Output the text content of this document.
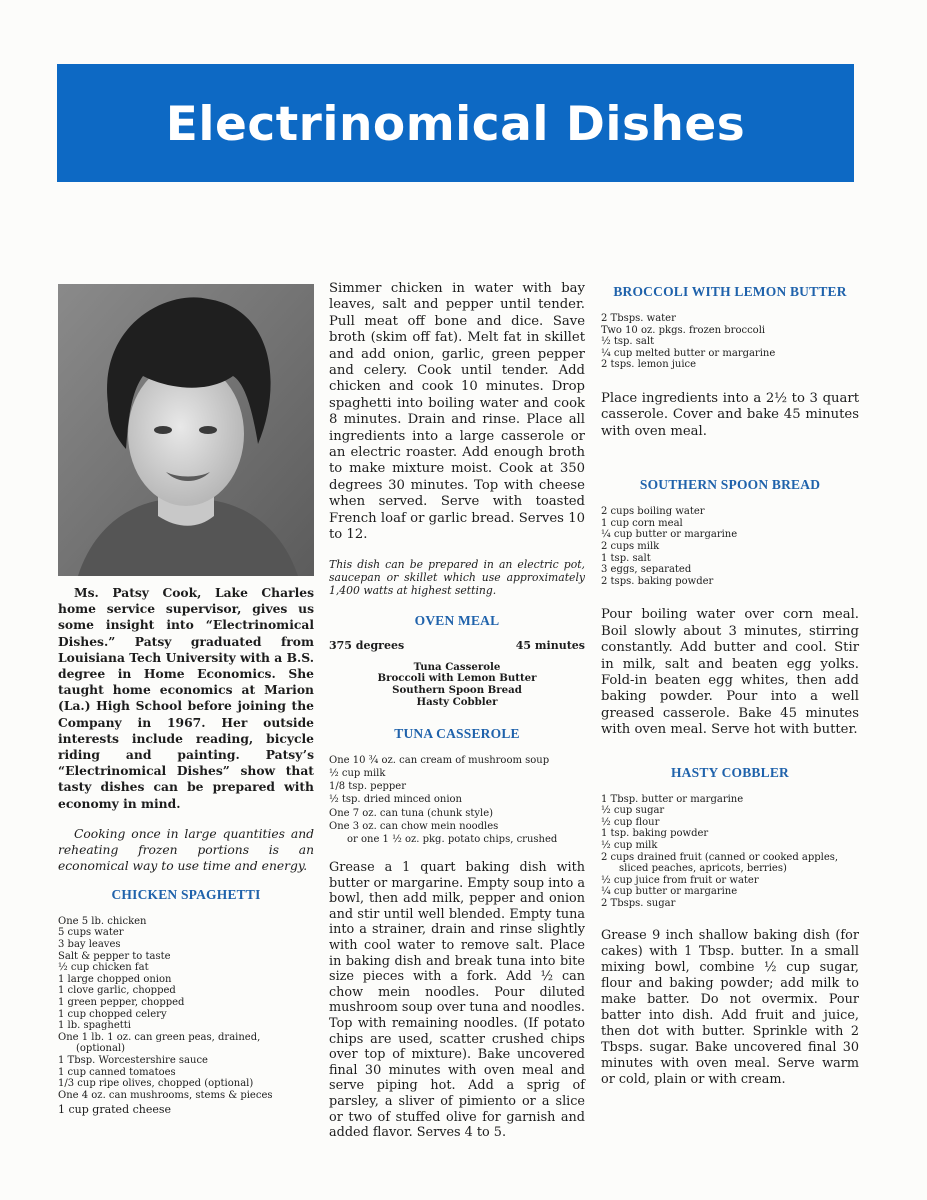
Electrinomical Dishes

Ms. Patsy Cook, Lake Charles home service supervisor, gives us some insight into “Electrinomical Dishes.” Patsy graduated from Louisiana Tech University with a B.S. degree in Home Economics. She taught home economics at Marion (La.) High School before joining the Company in 1967. Her outside interests include reading, bicycle riding and painting. Patsy’s “Electrinomical Dishes” show that tasty dishes can be prepared with economy in mind.

Cooking once in large quantities and reheating frozen portions is an economical way to use time and energy.

CHICKEN SPAGHETTI
One 5 lb. chicken
5 cups water
3 bay leaves
Salt & pepper to taste
½ cup chicken fat
1 large chopped onion
1 clove garlic, chopped
1 green pepper, chopped
1 cup chopped celery
1 lb. spaghetti
One 1 lb. 1 oz. can green peas, drained,
(optional)
1 Tbsp. Worcestershire sauce
1 cup canned tomatoes
1/3 cup ripe olives, chopped (optional)
One 4 oz. can mushrooms, stems & pieces
1 cup grated cheese

Simmer chicken in water with bay leaves, salt and pepper until tender. Pull meat off bone and dice. Save broth (skim off fat). Melt fat in skillet and add onion, garlic, green pepper and celery. Cook until tender. Add chicken and cook 10 minutes. Drop spaghetti into boiling water and cook 8 minutes. Drain and rinse. Place all ingredients into a large casserole or an electric roaster. Add enough broth to make mixture moist. Cook at 350 degrees 30 minutes. Top with cheese when served. Serve with toasted French loaf or garlic bread. Serves 10 to 12.

This dish can be prepared in an electric pot, saucepan or skillet which use approximately 1,400 watts at highest setting.

OVEN MEAL
375 degrees	45 minutes
Tuna Casserole
Broccoli with Lemon Butter
Southern Spoon Bread
Hasty Cobbler
TUNA CASSEROLE
One 10 ¾ oz. can cream of mushroom soup
½ cup milk
1/8 tsp. pepper
½ tsp. dried minced onion
One 7 oz. can tuna (chunk style)
One 3 oz. can chow mein noodles
or one 1 ½ oz. pkg. potato chips, crushed

Grease a 1 quart baking dish with butter or margarine. Empty soup into a bowl, then add milk, pepper and onion and stir until well blended. Empty tuna into a strainer, drain and rinse slightly with cool water to remove salt. Place in baking dish and break tuna into bite size pieces with a fork. Add ½ can chow mein noodles. Pour diluted mushroom soup over tuna and noodles. Top with remaining noodles. (If potato chips are used, scatter crushed chips over top of mixture). Bake uncovered final 30 minutes with oven meal and serve piping hot. Add a sprig of parsley, a sliver of pimiento or a slice or two of stuffed olive for garnish and added flavor. Serves 4 to 5.

BROCCOLI WITH LEMON BUTTER
2 Tbsps. water
Two 10 oz. pkgs. frozen broccoli
½ tsp. salt
¼ cup melted butter or margarine
2 tsps. lemon juice

Place ingredients into a 2½ to 3 quart casserole. Cover and bake 45 minutes with oven meal.

SOUTHERN SPOON BREAD
2 cups boiling water
1 cup corn meal
¼ cup butter or margarine
2 cups milk
1 tsp. salt
3 eggs, separated
2 tsps. baking powder

Pour boiling water over corn meal. Boil slowly about 3 minutes, stirring constantly. Add butter and cool. Stir in milk, salt and beaten egg yolks. Fold-in beaten egg whites, then add baking powder. Pour into a well greased casserole. Bake 45 minutes with oven meal. Serve hot with butter.

HASTY COBBLER
1 Tbsp. butter or margarine
½ cup sugar
½ cup flour
1 tsp. baking powder
½ cup milk
2 cups drained fruit (canned or cooked apples,
sliced peaches, apricots, berries)
½ cup juice from fruit or water
¼ cup butter or margarine
2 Tbsps. sugar

Grease 9 inch shallow baking dish (for cakes) with 1 Tbsp. butter. In a small mixing bowl, combine ½ cup sugar, flour and baking powder; add milk to make batter. Do not overmix. Pour batter into dish. Add fruit and juice, then dot with butter. Sprinkle with 2 Tbsps. sugar. Bake uncovered final 30 minutes with oven meal. Serve warm or cold, plain or with cream.
